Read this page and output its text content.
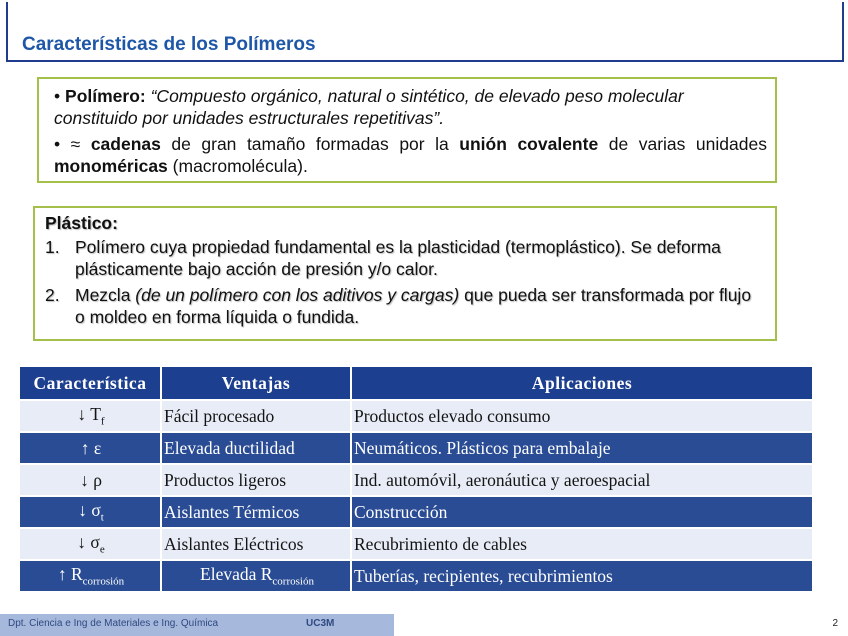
Características de los Polímeros

• Polímero: “Compuesto orgánico, natural o sintético, de elevado peso molecular constituido por unidades estructurales repetitivas”.

• ≈ cadenas de gran tamaño formadas por la unión covalente de varias unidades monoméricas (macromolécula).

Plástico:

1. Polímero cuya propiedad fundamental es la plasticidad (termoplástico). Se deforma plásticamente bajo acción de presión y/o calor.
2. Mezcla (de un polímero con los aditivos y cargas) que pueda ser transformada por flujo o moldeo en forma líquida o fundida.
Característica	Ventajas	Aplicaciones
↓ $T_f$	Fácil procesado	Productos elevado consumo
↑ ε	Elevada ductilidad	Neumáticos. Plásticos para embalaje
↓ ρ	Productos ligeros	Ind. automóvil, aeronáutica y aeroespacial
↓ $\sigma_t$	Aislantes Térmicos	Construcción
↓ $\sigma_e$	Aislantes Eléctricos	Recubrimiento de cables
↑ $R_{corrosión}$	Elevada $R_{corrosión}$	Tuberías, recipientes, recubrimientos
Dpt. Ciencia e Ing de Materiales e Ing. Química	UC3M	2
